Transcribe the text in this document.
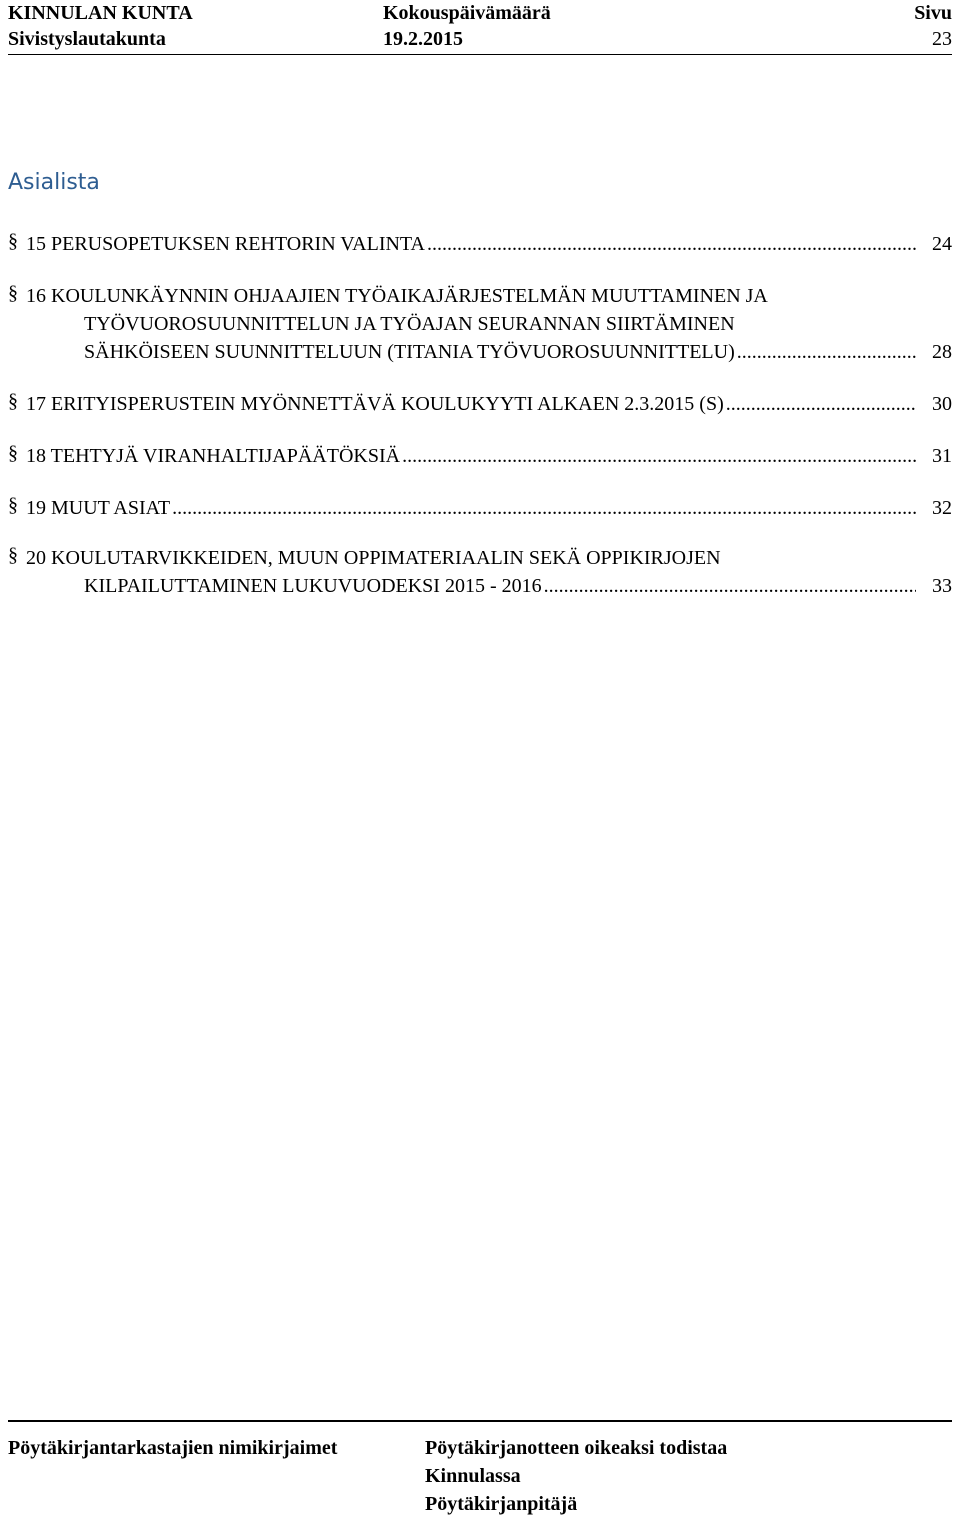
KINNULAN KUNTA	Kokouspäivämäärä	Sivu
Sivistyslautakunta	19.2.2015	23
Asialista
§ 15 PERUSOPETUKSEN REHTORIN VALINTA .....	24
§ 16 KOULUNKÄYNNIN OHJAAJIEN TYÖAIKAJÄRJESTELMÄN MUUTTAMINEN JA
TYÖVUOROSUUNNITTELUN JA TYÖAJAN SEURANNAN SIIRTÄMINEN
SÄHKÖISEEN SUUNNITTELUUN (TITANIA TYÖVUOROSUUNNITTELU) .....	28
§ 17 ERITYISPERUSTEIN MYÖNNETTÄVÄ KOULUKYYTI ALKAEN 2.3.2015 (S) .....	30
§ 18 TEHTYJÄ VIRANHALTIJAPÄÄTÖKSIÄ .....	31
§ 19 MUUT ASIAT .....	32
§ 20 KOULUTARVIKKEIDEN, MUUN OPPIMATERIAALIN SEKÄ OPPIKIRJOJEN
KILPAILUTTAMINEN LUKUVUODEKSI 2015 - 2016 .....	33
Pöytäkirjantarkastajien nimikirjaimet	Pöytäkirjanotteen oikeaksi todistaa
Kinnulassa
Pöytäkirjanpitäjä
